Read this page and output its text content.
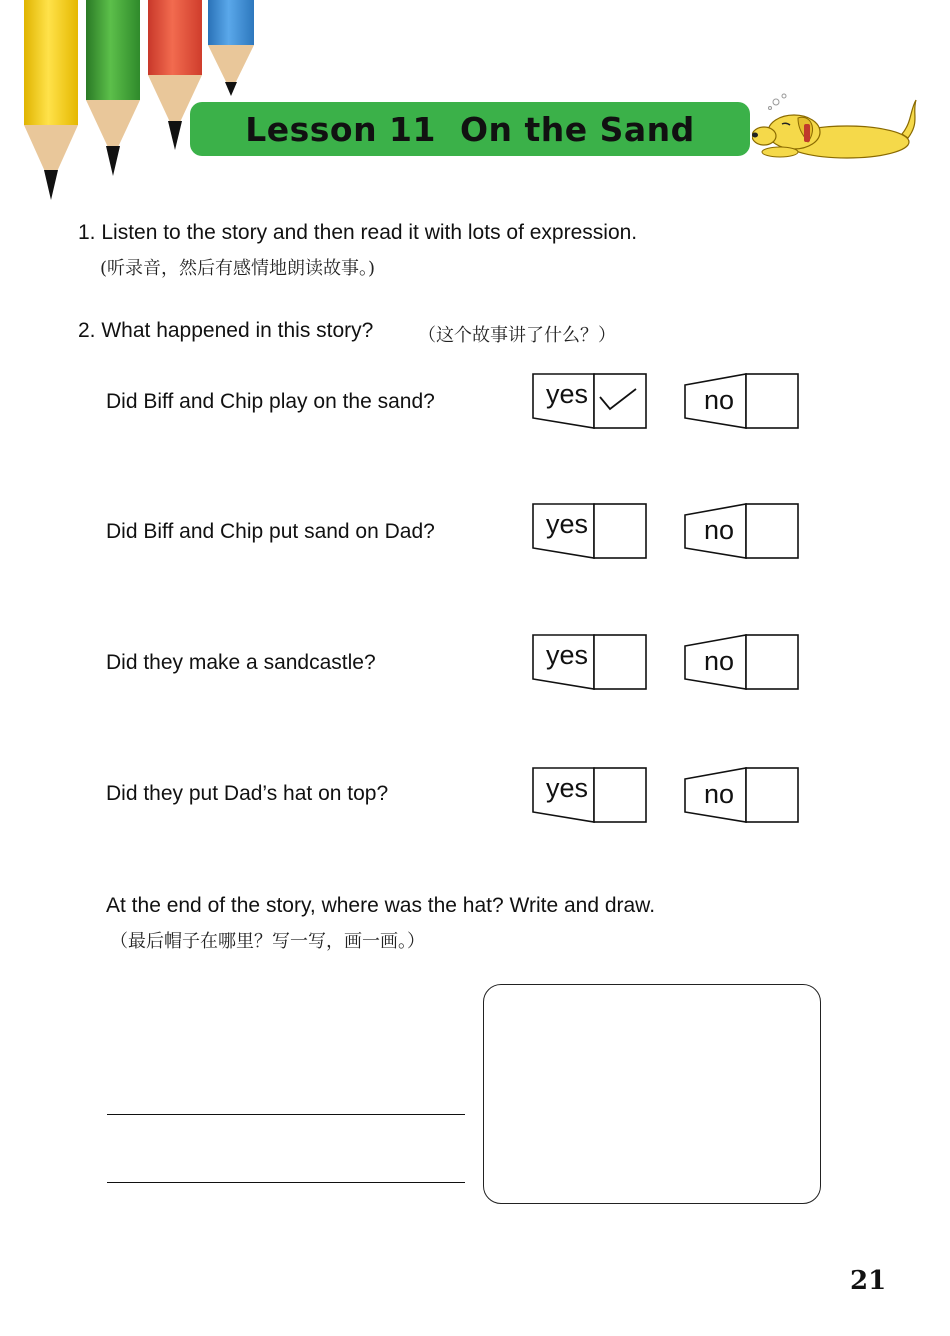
Lesson 11  On the Sand
1. Listen to the story and then read it with lots of expression.
(听录音，然后有感情地朗读故事。)
2. What happened in this story? （这个故事讲了什么？）
Did Biff and Chip play on the sand?	yes	no
Did Biff and Chip put sand on Dad?	yes	no
Did they make a sandcastle?	yes	no
Did they put Dad’s hat on top?	yes	no
At the end of the story, where was the hat? Write and draw.
（最后帽子在哪里？写一写，画一画。）
21
